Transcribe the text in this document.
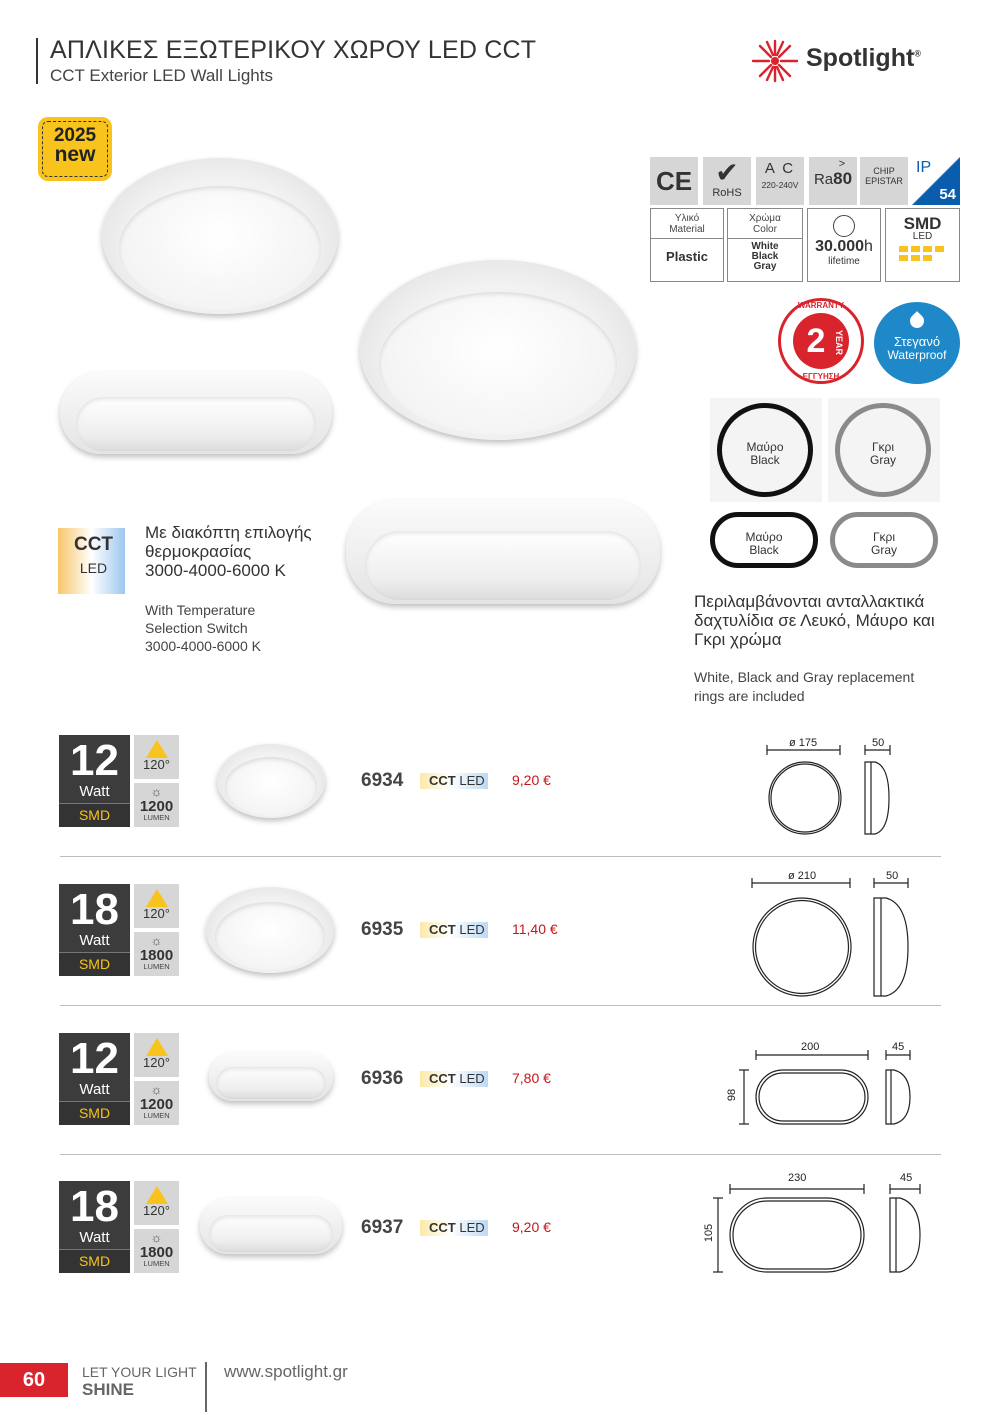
ΑΠΛΙΚΕΣ ΕΞΩΤΕΡΙΚΟΥ ΧΩΡΟΥ LED CCT
CCT Exterior LED Wall Lights
Spotlight®
2025
new
CE ✔
RoHS
A C
220-240V
>
Ra80	CHIP
EPISTAR
IP
54
Υλικό
Material
Plastic
Χρώμα
Color
White
Black
Gray
30.000h
lifetime
SMD
LED
WARRANTY
2 YEAR
ΕΓΓΥΗΣΗ
Στεγανό
Waterproof
Μαύρο
Black
Γκρι
Gray
Μαύρο
Black
Γκρι
Gray
CCT
LED
Με διακόπτη επιλογής
θερμοκρασίας
3000-4000-6000 K
With Temperature
Selection Switch
3000-4000-6000 K
Περιλαμβάνονται ανταλλακτικά
δαχτυλίδια σε Λευκό, Μάυρο και
Γκρι χρώμα
White, Black and Gray replacement
rings are included
12
Watt
SMD
120°
☼
1200
LUMEN
6934	CCT LED 9,20 €
ø 175	50
18
Watt
SMD
120°
☼
1800
LUMEN
6935	CCT LED 11,40 €
ø 210	50
12
Watt
SMD
120°
☼
1200
LUMEN
6936	CCT LED 7,80 €
200	45
98
18
Watt
SMD
120°
☼
1800
LUMEN
6937	CCT LED 9,20 €
230	45
105
60	LET YOUR LIGHT
SHINE
www.spotlight.gr
